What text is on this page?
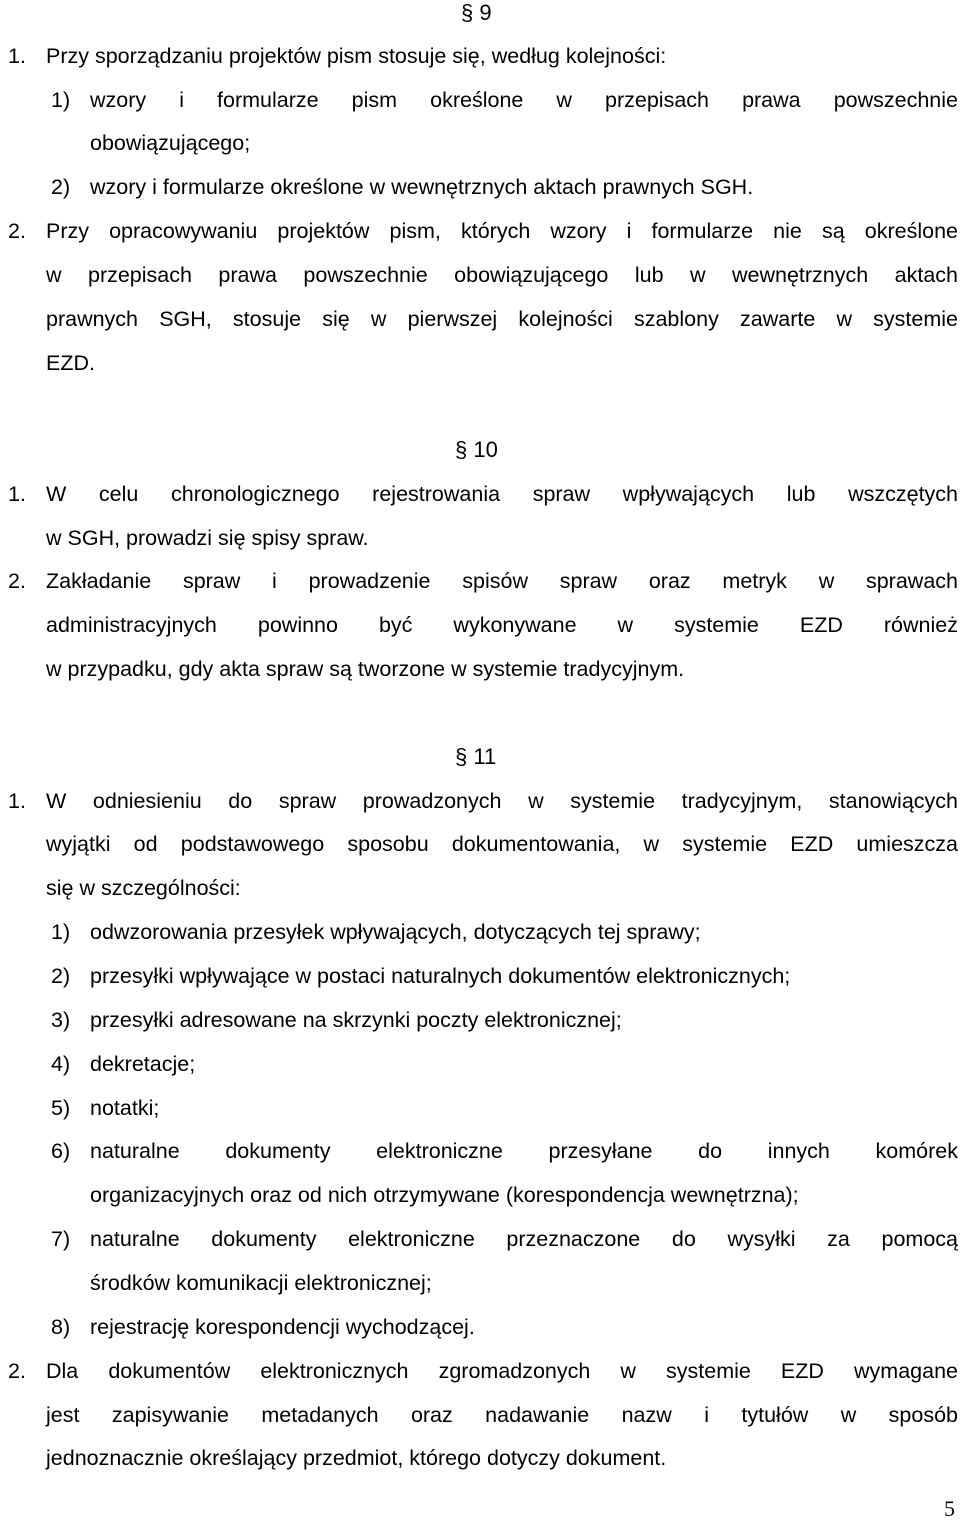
§ 9
1. Przy sporządzaniu projektów pism stosuje się, według kolejności:
1) wzory i formularze pism określone w przepisach prawa powszechnie
obowiązującego;
2) wzory i formularze określone w wewnętrznych aktach prawnych SGH.
2. Przy opracowywaniu projektów pism, których wzory i formularze nie są określone
w przepisach prawa powszechnie obowiązującego lub w wewnętrznych aktach
prawnych SGH, stosuje się w pierwszej kolejności szablony zawarte w systemie
EZD.
§ 10
1. W celu chronologicznego rejestrowania spraw wpływających lub wszczętych
w SGH, prowadzi się spisy spraw.
2. Zakładanie spraw i prowadzenie spisów spraw oraz metryk w sprawach
administracyjnych powinno być wykonywane w systemie EZD również
w przypadku, gdy akta spraw są tworzone w systemie tradycyjnym.
§ 11
1. W odniesieniu do spraw prowadzonych w systemie tradycyjnym, stanowiących
wyjątki od podstawowego sposobu dokumentowania, w systemie EZD umieszcza
się w szczególności:
1) odwzorowania przesyłek wpływających, dotyczących tej sprawy;
2) przesyłki wpływające w postaci naturalnych dokumentów elektronicznych;
3) przesyłki adresowane na skrzynki poczty elektronicznej;
4) dekretacje;
5) notatki;
6) naturalne dokumenty elektroniczne przesyłane do innych komórek
organizacyjnych oraz od nich otrzymywane (korespondencja wewnętrzna);
7) naturalne dokumenty elektroniczne przeznaczone do wysyłki za pomocą
środków komunikacji elektronicznej;
8) rejestrację korespondencji wychodzącej.
2. Dla dokumentów elektronicznych zgromadzonych w systemie EZD wymagane
jest zapisywanie metadanych oraz nadawanie nazw i tytułów w sposób
jednoznacznie określający przedmiot, którego dotyczy dokument.
5
